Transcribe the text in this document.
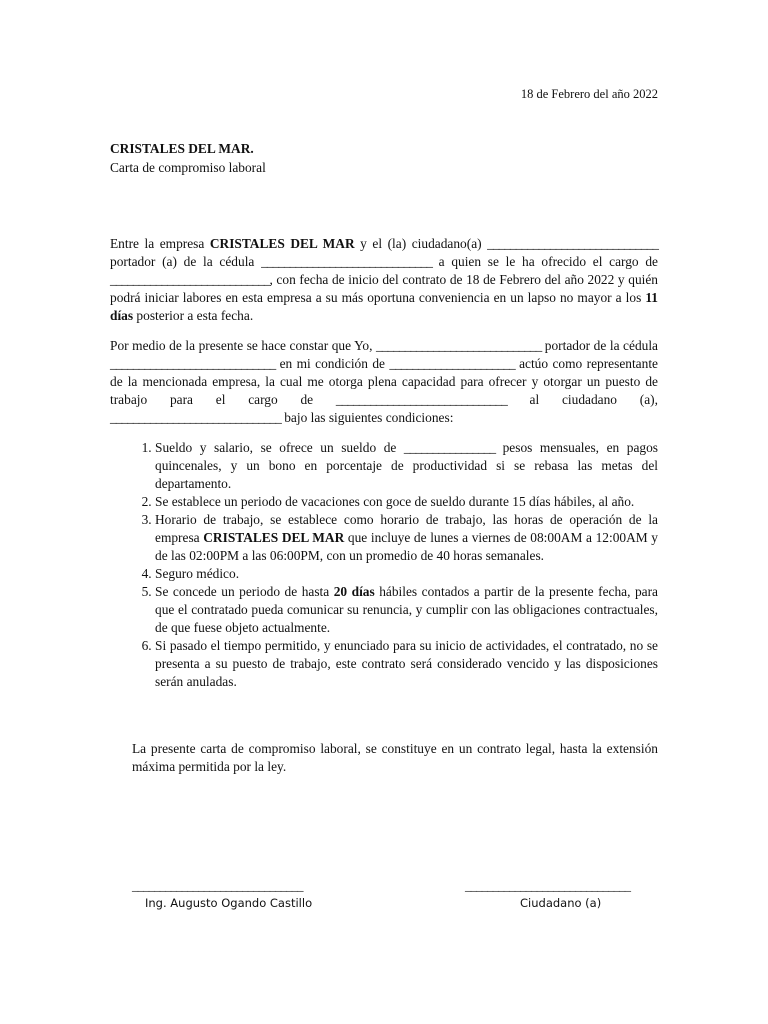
18 de Febrero del año 2022
CRISTALES DEL MAR.
Carta de compromiso laboral

Entre la empresa CRISTALES DEL MAR y el (la) ciudadano(a) ______________________________ portador (a) de la cédula ______________________________ a quien se le ha ofrecido el cargo de ____________________________, con fecha de inicio del contrato de 18 de Febrero del año 2022 y quién podrá iniciar labores en esta empresa a su más oportuna conveniencia en un lapso no mayor a los 11 días posterior a esta fecha.

Por medio de la presente se hace constar que Yo, _____________________________ portador de la cédula _____________________________ en mi condición de ______________________ actúo como representante de la mencionada empresa, la cual me otorga plena capacidad para ofrecer y otorgar un puesto de trabajo para el cargo de ______________________________ al ciudadano (a), ______________________________ bajo las siguientes condiciones:

1. Sueldo y salario, se ofrece un sueldo de ________________ pesos mensuales, en pagos quincenales, y un bono en porcentaje de productividad si se rebasa las metas del departamento.
2. Se establece un periodo de vacaciones con goce de sueldo durante 15 días hábiles, al año.
3. Horario de trabajo, se establece como horario de trabajo, las horas de operación de la empresa CRISTALES DEL MAR que incluye de lunes a viernes de 08:00AM a 12:00AM y de las 02:00PM a las 06:00PM, con un promedio de 40 horas semanales.
4. Seguro médico.
5. Se concede un periodo de hasta 20 días hábiles contados a partir de la presente fecha, para que el contratado pueda comunicar su renuncia, y cumplir con las obligaciones contractuales, de que fuese objeto actualmente.
6. Si pasado el tiempo permitido, y enunciado para su inicio de actividades, el contratado, no se presenta a su puesto de trabajo, este contrato será considerado vencido y las disposiciones serán anuladas.
La presente carta de compromiso laboral, se constituye en un contrato legal, hasta la extensión máxima permitida por la ley.
_______________________________	______________________________
Ing. Augusto Ogando Castillo	Ciudadano (a)
